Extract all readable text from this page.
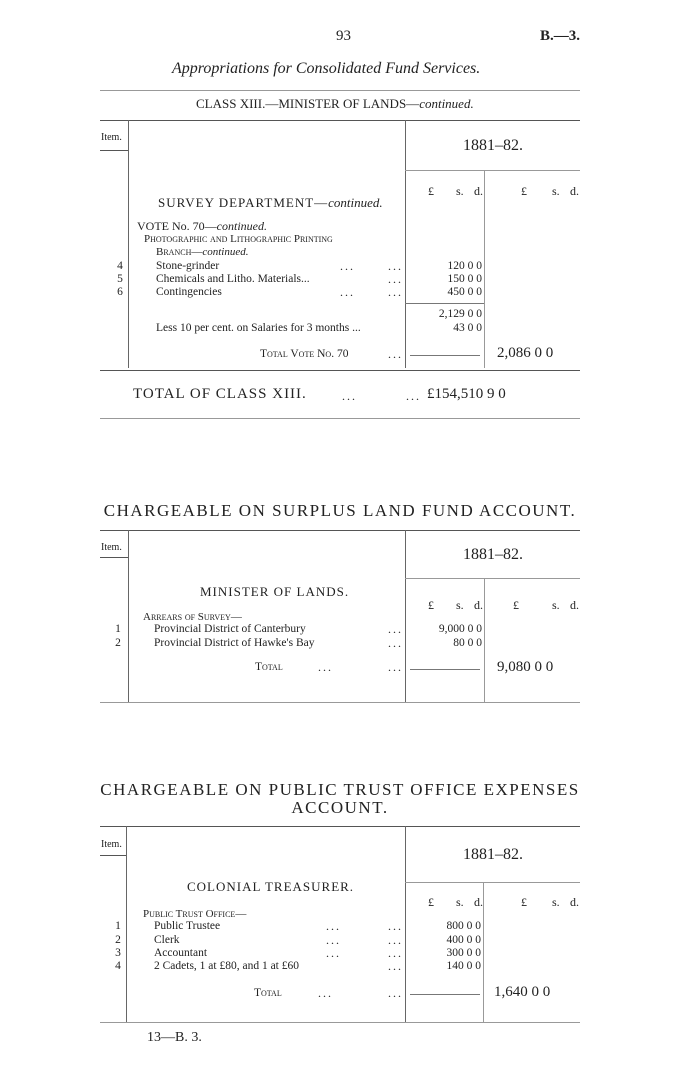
93	B.—3.
Appropriations for Consolidated Fund Services.
CLASS XIII.—MINISTER OF LANDS—continued.
Item.	1881–82.
£ s. d.	£ s. d.
SURVEY DEPARTMENT—continued.
VOTE No. 70—continued.
Photographic and Lithographic Printing
Branch—continued.
4	Stone-grinder	...	...	120 0 0
5	Chemicals and Litho. Materials...	...	150 0 0
6	Contingencies	...	...	450 0 0
2,129 0 0
Less 10 per cent. on Salaries for 3 months ...	43 0 0
Total Vote No. 70	...	2,086 0 0
TOTAL OF CLASS XIII.	...	... £154,510 9 0
CHARGEABLE ON SURPLUS LAND FUND ACCOUNT.
Item.	1881–82.
£ s. d.	£	s. d.
MINISTER OF LANDS.
Arrears of Survey—
1	Provincial District of Canterbury	...	9,000 0 0
2	Provincial District of Hawke's Bay	...	80 0 0
Total	...	...	9,080 0 0
CHARGEABLE ON PUBLIC TRUST OFFICE EXPENSES
ACCOUNT.
Item.
1881–82.
£ s. d.	£ s. d.
COLONIAL TREASURER.
Public Trust Office—
1	Public Trustee	...	...	800 0 0
2	Clerk	...	...	400 0 0
3	Accountant	...	...	300 0 0
4	2 Cadets, 1 at £80, and 1 at £60	...	140 0 0
Total	...	...	1,640 0 0
13—B. 3.
